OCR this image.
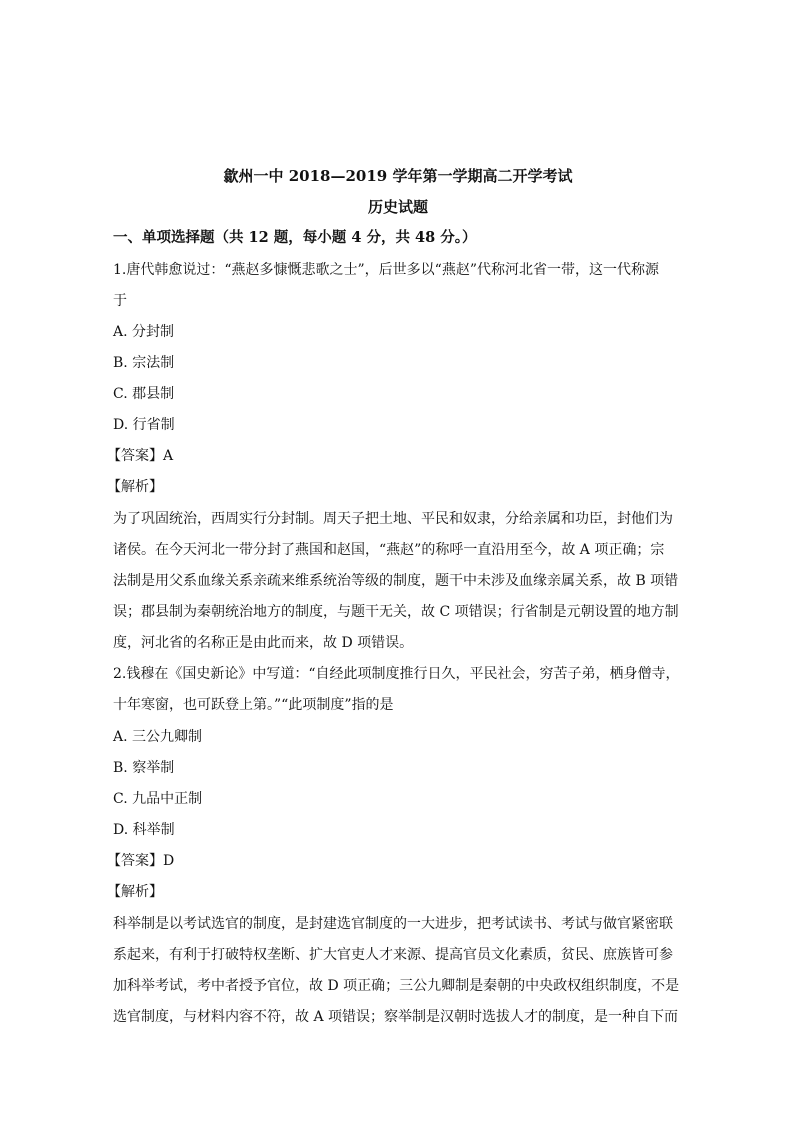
歙州一中 2018—2019 学年第一学期高二开学考试
历史试题
一、单项选择题（共 12 题，每小题 4 分，共 48 分。）
1.唐代韩愈说过：“燕赵多慷慨悲歌之士”，后世多以“燕赵”代称河北省一带，这一代称源
于
A. 分封制
B. 宗法制
C. 郡县制
D. 行省制
【答案】A
【解析】
为了巩固统治，西周实行分封制。周天子把土地、平民和奴隶，分给亲属和功臣，封他们为
诸侯。在今天河北一带分封了燕国和赵国，“燕赵”的称呼一直沿用至今，故 A 项正确；宗
法制是用父系血缘关系亲疏来维系统治等级的制度，题干中未涉及血缘亲属关系，故 B 项错
误；郡县制为秦朝统治地方的制度，与题干无关，故 C 项错误；行省制是元朝设置的地方制
度，河北省的名称正是由此而来，故 D 项错误。
2.钱穆在《国史新论》中写道：“自经此项制度推行日久，平民社会，穷苦子弟，栖身僧寺，
十年寒窗，也可跃登上第。”“此项制度”指的是
A. 三公九卿制
B. 察举制
C. 九品中正制
D. 科举制
【答案】D
【解析】
科举制是以考试选官的制度，是封建选官制度的一大进步，把考试读书、考试与做官紧密联
系起来，有利于打破特权垄断、扩大官吏人才来源、提高官员文化素质，贫民、庶族皆可参
加科举考试，考中者授予官位，故 D 项正确；三公九卿制是秦朝的中央政权组织制度，不是
选官制度，与材料内容不符，故 A 项错误；察举制是汉朝时选拔人才的制度，是一种自下而
